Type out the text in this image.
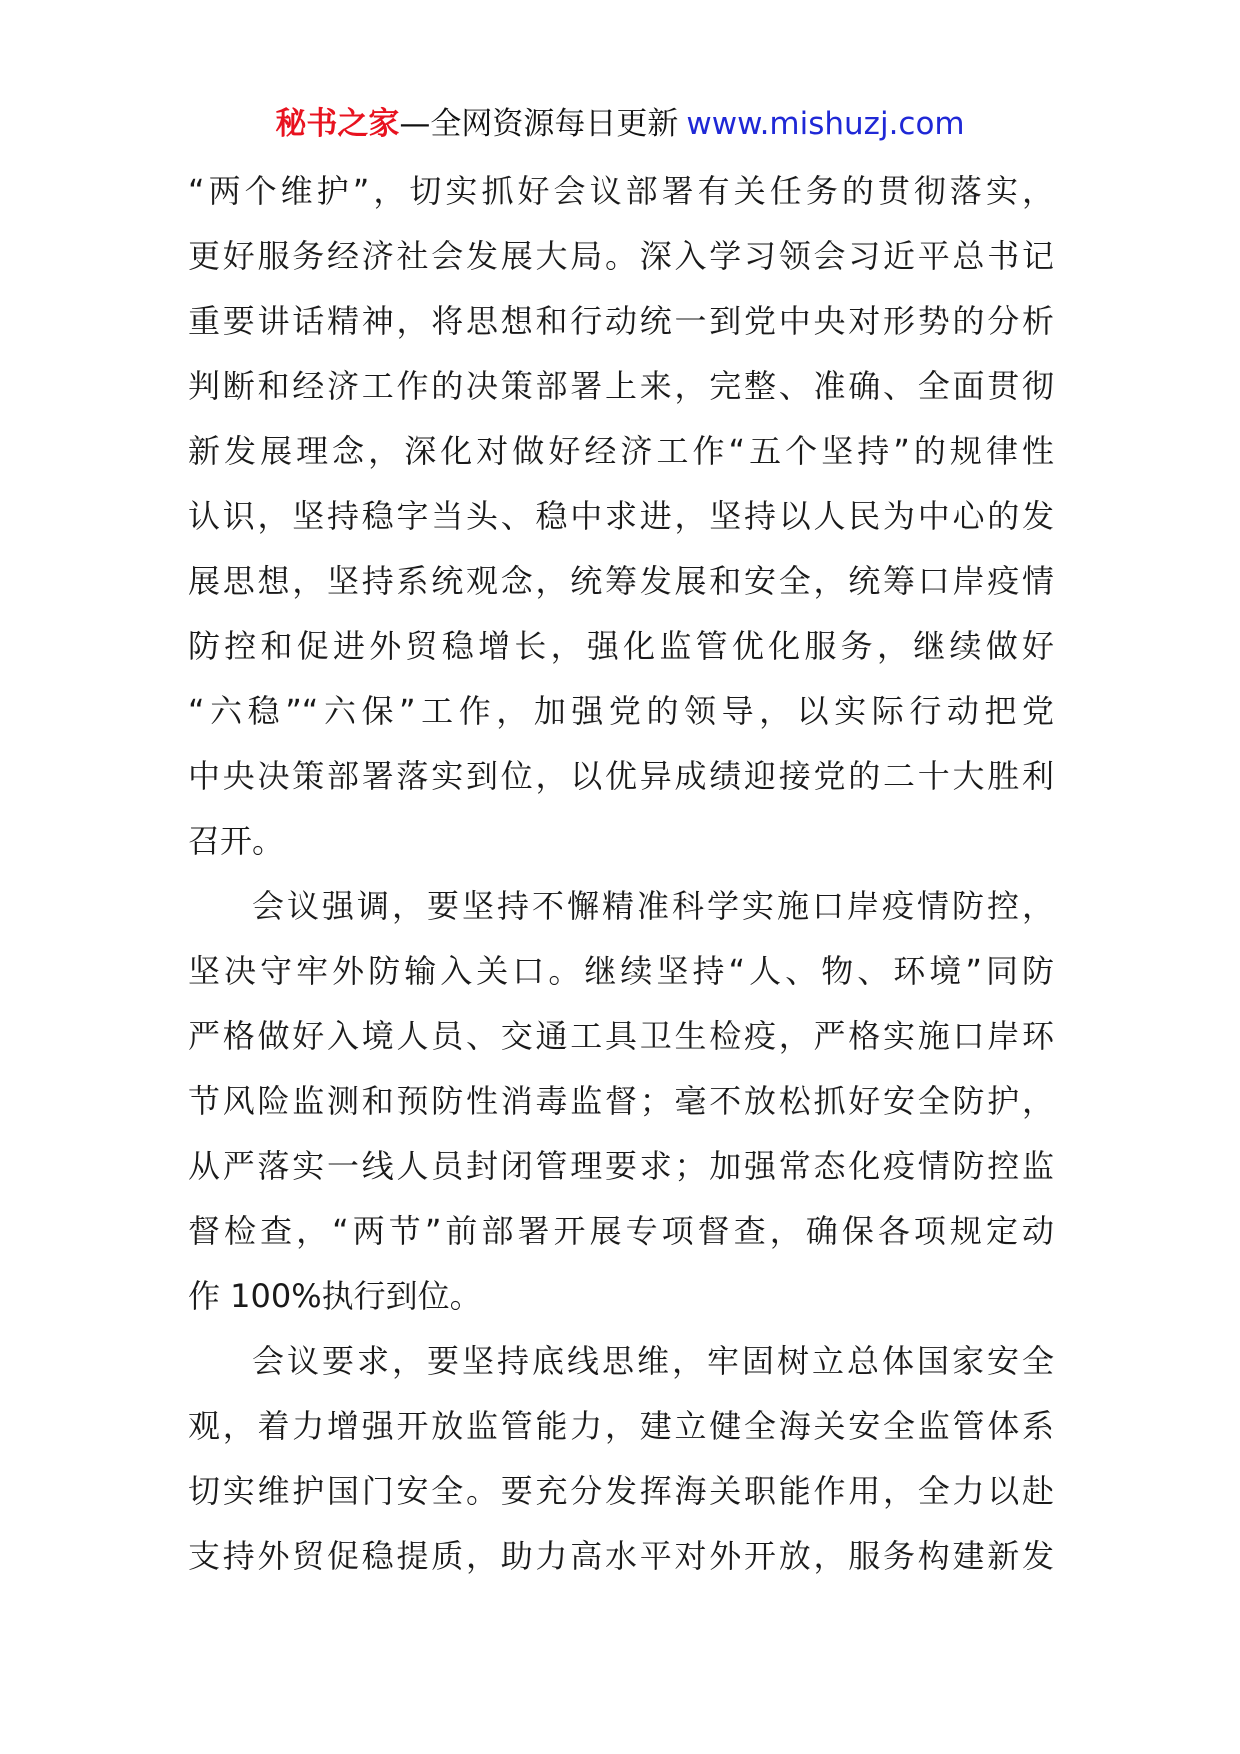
秘书之家—全网资源每日更新 www.mishuzj.com
“两个维护”，切实抓好会议部署有关任务的贯彻落实，
更好服务经济社会发展大局。深入学习领会习近平总书记
重要讲话精神，将思想和行动统一到党中央对形势的分析
判断和经济工作的决策部署上来，完整、准确、全面贯彻
新发展理念，深化对做好经济工作“五个坚持”的规律性
认识，坚持稳字当头、稳中求进，坚持以人民为中心的发
展思想，坚持系统观念，统筹发展和安全，统筹口岸疫情
防控和促进外贸稳增长，强化监管优化服务，继续做好
“六稳”“六保”工作，加强党的领导，以实际行动把党
中央决策部署落实到位，以优异成绩迎接党的二十大胜利
召开。
会议强调，要坚持不懈精准科学实施口岸疫情防控，
坚决守牢外防输入关口。继续坚持“人、物、环境”同防
严格做好入境人员、交通工具卫生检疫，严格实施口岸环
节风险监测和预防性消毒监督；毫不放松抓好安全防护，
从严落实一线人员封闭管理要求；加强常态化疫情防控监
督检查，“两节”前部署开展专项督查，确保各项规定动
作 100%执行到位。
会议要求，要坚持底线思维，牢固树立总体国家安全
观，着力增强开放监管能力，建立健全海关安全监管体系
切实维护国门安全。要充分发挥海关职能作用，全力以赴
支持外贸促稳提质，助力高水平对外开放，服务构建新发
